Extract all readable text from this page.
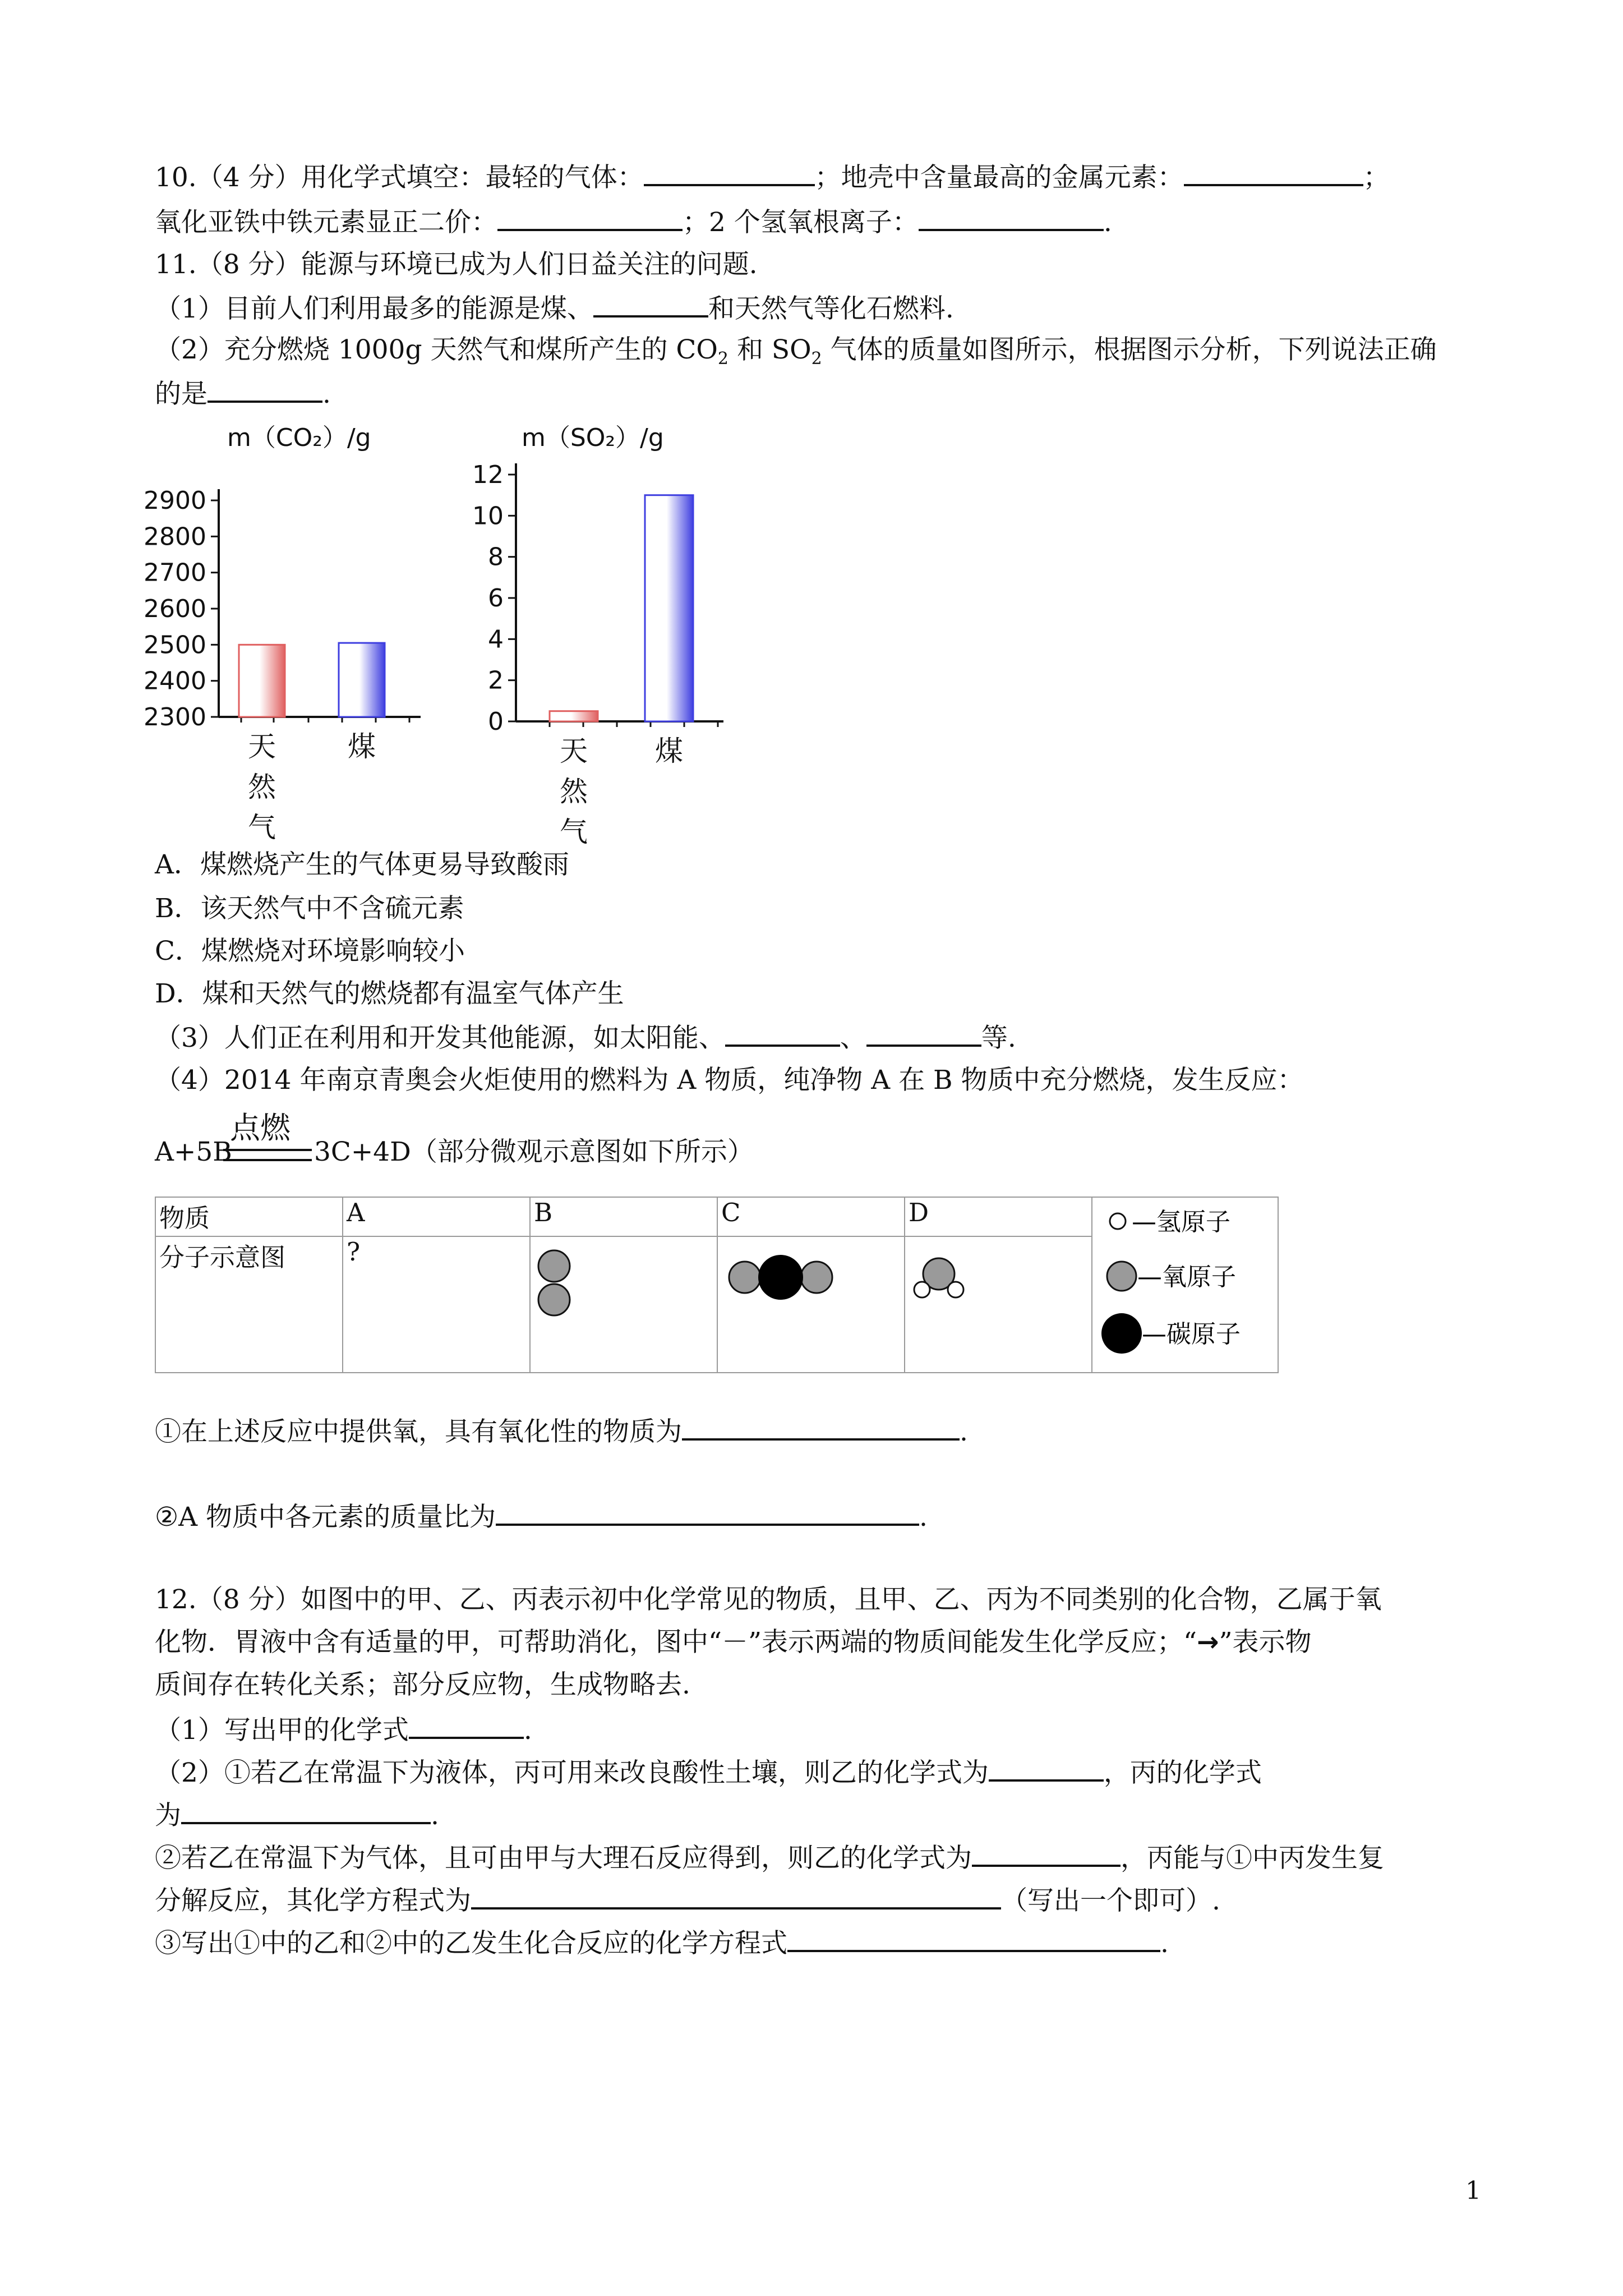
10.（4 分）用化学式填空：最轻的气体：	；地壳中含量最高的金属元素：	；
氧化亚铁中铁元素显正二价：	；2 个氢氧根离子：	.
11.（8 分）能源与环境已成为人们日益关注的问题.
（1）目前人们利用最多的能源是煤、	和天然气等化石燃料.
（2）充分燃烧 1000g 天然气和煤所产生的 $CO_2$ 和 $SO_2$ 气体的质量如图所示，根据图示分析，下列说法正确
的是	.
m（CO₂）/g
2900
2800
2700
2600
2500
2400
2300
天
然
气
煤
m（SO₂）/g
12
10
8
6
4
2
0
天
然
气
煤
A．煤燃烧产生的气体更易导致酸雨
B．该天然气中不含硫元素
C．煤燃烧对环境影响较小
D．煤和天然气的燃烧都有温室气体产生
（3）人们正在利用和开发其他能源，如太阳能、	、	等.
（4）2014 年南京青奥会火炬使用的燃料为 A 物质，纯净物 A 在 B 物质中充分燃烧，发生反应：
A+5B
点燃
3C+4D（部分微观示意图如下所示）
物质	A	B	C	D	—氢原子
—氧原子
—碳原子

分子示意图	?	

①在上述反应中提供氧，具有氧化性的物质为	.
②A 物质中各元素的质量比为	.
12.（8 分）如图中的甲、乙、丙表示初中化学常见的物质，且甲、乙、丙为不同类别的化合物，乙属于氧
化物．胃液中含有适量的甲，可帮助消化，图中“－”表示两端的物质间能发生化学反应；“→”表示物
质间存在转化关系；部分反应物，生成物略去.
（1）写出甲的化学式	.
（2）①若乙在常温下为液体，丙可用来改良酸性土壤，则乙的化学式为	，丙的化学式
为	.
②若乙在常温下为气体，且可由甲与大理石反应得到，则乙的化学式为	，丙能与①中丙发生复
分解反应，其化学方程式为	（写出一个即可）.
③写出①中的乙和②中的乙发生化合反应的化学方程式	.
1
